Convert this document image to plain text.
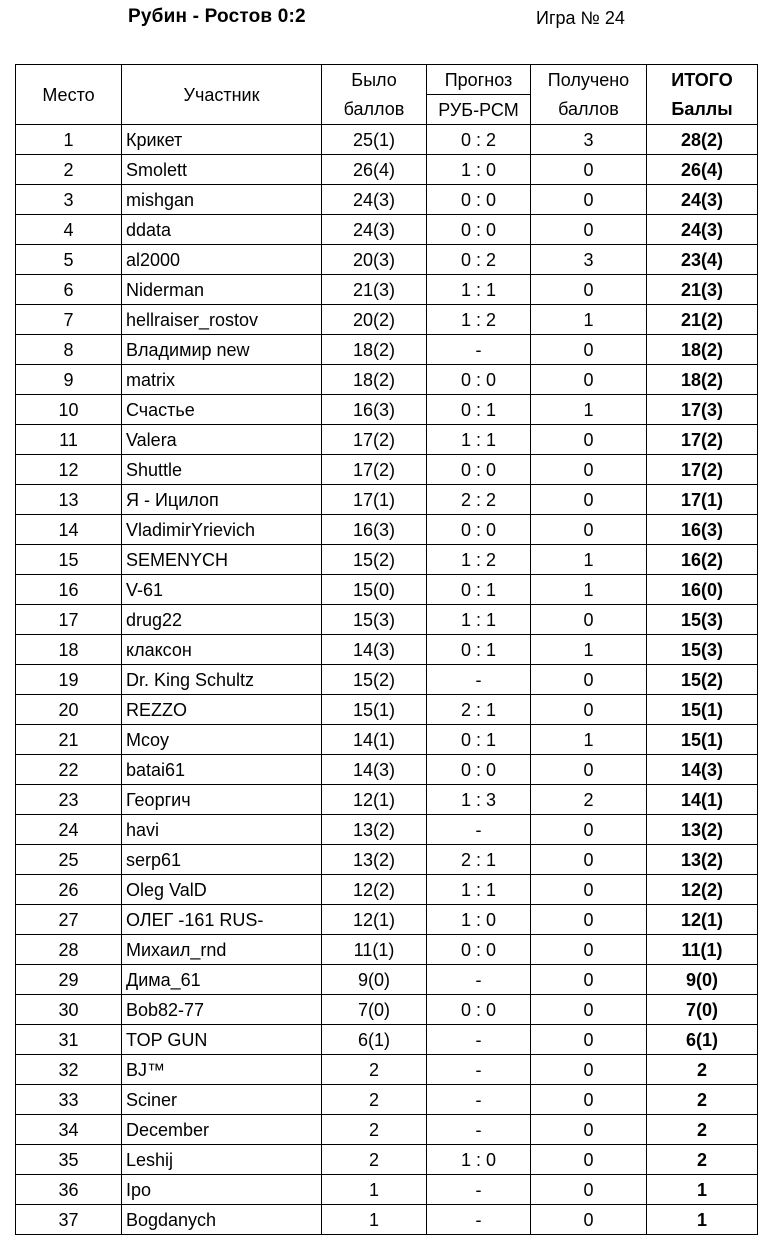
Рубин - Ростов 0:2	Игра № 24
Место	Участник	Было	Прогноз	Получено	ИТОГО
		баллов	РУБ-РСМ	баллов	Баллы
1	Крикет	25(1)	0 : 2	3	28(2)
2	Smolett	26(4)	1 : 0	0	26(4)
3	mishgan	24(3)	0 : 0	0	24(3)
4	ddata	24(3)	0 : 0	0	24(3)
5	al2000	20(3)	0 : 2	3	23(4)
6	Niderman	21(3)	1 : 1	0	21(3)
7	hellraiser_rostov	20(2)	1 : 2	1	21(2)
8	Владимир new	18(2)	-	0	18(2)
9	matrix	18(2)	0 : 0	0	18(2)
10	Счастье	16(3)	0 : 1	1	17(3)
11	Valera	17(2)	1 : 1	0	17(2)
12	Shuttle	17(2)	0 : 0	0	17(2)
13	Я - Ицилоп	17(1)	2 : 2	0	17(1)
14	VladimirYrievich	16(3)	0 : 0	0	16(3)
15	SEMENYCH	15(2)	1 : 2	1	16(2)
16	V-61	15(0)	0 : 1	1	16(0)
17	drug22	15(3)	1 : 1	0	15(3)
18	клаксон	14(3)	0 : 1	1	15(3)
19	Dr. King Schultz	15(2)	-	0	15(2)
20	REZZO	15(1)	2 : 1	0	15(1)
21	Mcoy	14(1)	0 : 1	1	15(1)
22	batai61	14(3)	0 : 0	0	14(3)
23	Георгич	12(1)	1 : 3	2	14(1)
24	havi	13(2)	-	0	13(2)
25	serp61	13(2)	2 : 1	0	13(2)
26	Oleg ValD	12(2)	1 : 1	0	12(2)
27	ОЛЕГ -161 RUS-	12(1)	1 : 0	0	12(1)
28	Михаил_rnd	11(1)	0 : 0	0	11(1)
29	Дима_61	9(0)	-	0	9(0)
30	Bob82-77	7(0)	0 : 0	0	7(0)
31	TOP GUN	6(1)	-	0	6(1)
32	BJ™	2	-	0	2
33	Sciner	2	-	0	2
34	December	2	-	0	2
35	Leshij	2	1 : 0	0	2
36	Ipo	1	-	0	1
37	Bogdanych	1	-	0	1
